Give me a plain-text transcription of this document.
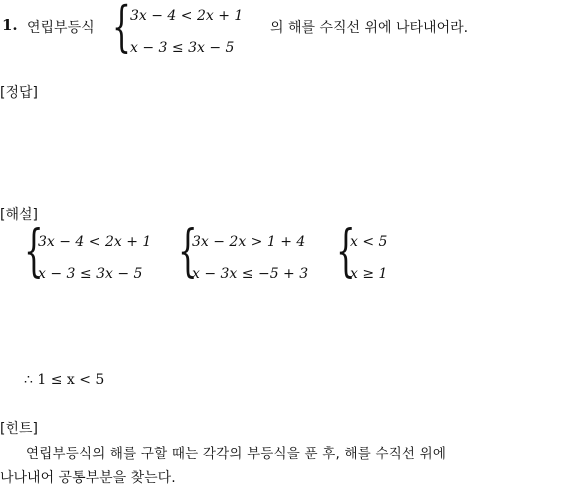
1. 연립부등식 { 3x − 4 < 2x + 1
x − 3 ≤ 3x − 5
의 해를 수직선 위에 나타내어라.
[정답]
[해설]
{
3x − 4 < 2x + 1
x − 3 ≤ 3x − 5 {
3x − 2x > 1 + 4
x − 3x ≤ −5 + 3 {
x < 5
x ≥ 1
∴ 1 ≤ x < 5
[힌트]
연립부등식의 해를 구할 때는 각각의 부등식을 푼 후, 해를 수직선 위에
나나내어 공통부분을 찾는다.
